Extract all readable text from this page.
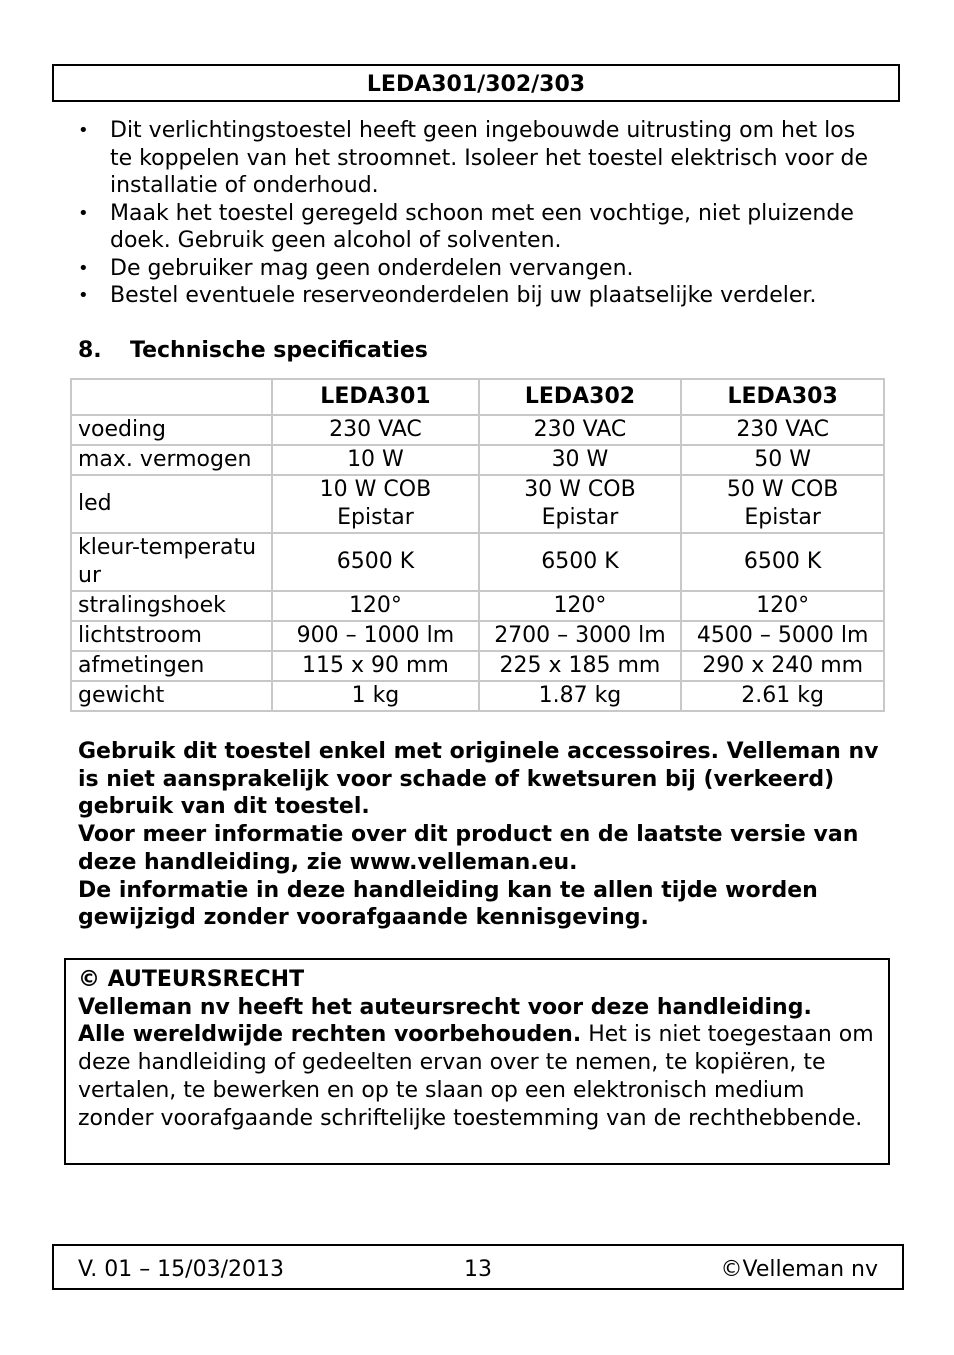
LEDA301/302/303
• Dit verlichtingstoestel heeft geen ingebouwde uitrusting om het los te koppelen van het stroomnet. Isoleer het toestel elektrisch voor de installatie of onderhoud.
• Maak het toestel geregeld schoon met een vochtige, niet pluizende doek. Gebruik geen alcohol of solventen.
• De gebruiker mag geen onderdelen vervangen.
• Bestel eventuele reserveonderdelen bij uw plaatselijke verdeler.
8. Technische specificaties
	LEDA301	LEDA302	LEDA303
voeding	230 VAC	230 VAC	230 VAC
max. vermogen	10 W	30 W	50 W
led	10 W COB Epistar	30 W COB Epistar	50 W COB Epistar
kleur-temperatuur	6500 K	6500 K	6500 K
stralingshoek	120°	120°	120°
lichtstroom	900 – 1000 lm	2700 – 3000 lm	4500 – 5000 lm
afmetingen	115 x 90 mm	225 x 185 mm	290 x 240 mm
gewicht	1 kg	1.87 kg	2.61 kg

Gebruik dit toestel enkel met originele accessoires. Velleman nv is niet aansprakelijk voor schade of kwetsuren bij (verkeerd) gebruik van dit toestel.

Voor meer informatie over dit product en de laatste versie van deze handleiding, zie www.velleman.eu.

De informatie in deze handleiding kan te allen tijde worden gewijzigd zonder voorafgaande kennisgeving.

© AUTEURSRECHT

Velleman nv heeft het auteursrecht voor deze handleiding.

Alle wereldwijde rechten voorbehouden. Het is niet toegestaan om deze handleiding of gedeelten ervan over te nemen, te kopiëren, te vertalen, te bewerken en op te slaan op een elektronisch medium zonder voorafgaande schriftelijke toestemming van de rechthebbende.

V. 01 – 15/03/2013	13	©Velleman nv
